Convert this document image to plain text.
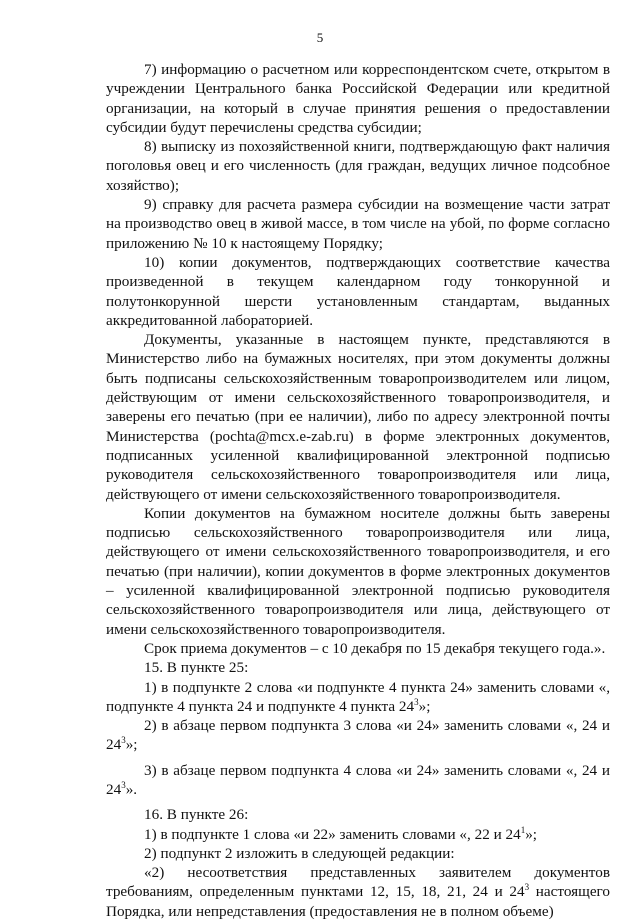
5

7) информацию о расчетном или корреспондентском счете, открытом в учреждении Центрального банка Российской Федерации или кредитной организации, на который в случае принятия решения о предоставлении субсидии будут перечислены средства субсидии;

8) выписку из похозяйственной книги, подтверждающую факт наличия поголовья овец и его численность (для граждан, ведущих личное подсобное хозяйство);

9) справку для расчета размера субсидии на возмещение части затрат на производство овец в живой массе, в том числе на убой, по форме согласно приложению № 10 к настоящему Порядку;

10) копии документов, подтверждающих соответствие качества произведенной в текущем календарном году тонкорунной и полутонкорунной шерсти установленным стандартам, выданных аккредитованной лабораторией.

Документы, указанные в настоящем пункте, представляются в Министерство либо на бумажных носителях, при этом документы должны быть подписаны сельскохозяйственным товаропроизводителем или лицом, действующим от имени сельскохозяйственного товаропроизводителя, и заверены его печатью (при ее наличии), либо по адресу электронной почты Министерства (pochta@mcx.e-zab.ru) в форме электронных документов, подписанных усиленной квалифицированной электронной подписью руководителя сельскохозяйственного товаропроизводителя или лица, действующего от имени сельскохозяйственного товаропроизводителя.

Копии документов на бумажном носителе должны быть заверены подписью сельскохозяйственного товаропроизводителя или лица, действующего от имени сельскохозяйственного товаропроизводителя, и его печатью (при наличии), копии документов в форме электронных документов – усиленной квалифицированной электронной подписью руководителя сельскохозяйственного товаропроизводителя или лица, действующего от имени сельскохозяйственного товаропроизводителя.

Срок приема документов – с 10 декабря по 15 декабря текущего года.».

15. В пункте 25:

1) в подпункте 2 слова «и подпункте 4 пункта 24» заменить словами «, подпункте 4 пункта 24 и подпункте 4 пункта $24^3$»;

2) в абзаце первом подпункта 3 слова «и 24» заменить словами «, 24 и $24^3$»;

3) в абзаце первом подпункта 4 слова «и 24» заменить словами «, 24 и $24^3$».

16. В пункте 26:

1) в подпункте 1 слова «и 22» заменить словами «, 22 и $24^1$»;

2) подпункт 2 изложить в следующей редакции:

«2) несоответствия представленных заявителем документов требованиям, определенным пунктами 12, 15, 18, 21, 24 и $24^3$ настоящего Порядка, или непредставления (предоставления не в полном объеме)
